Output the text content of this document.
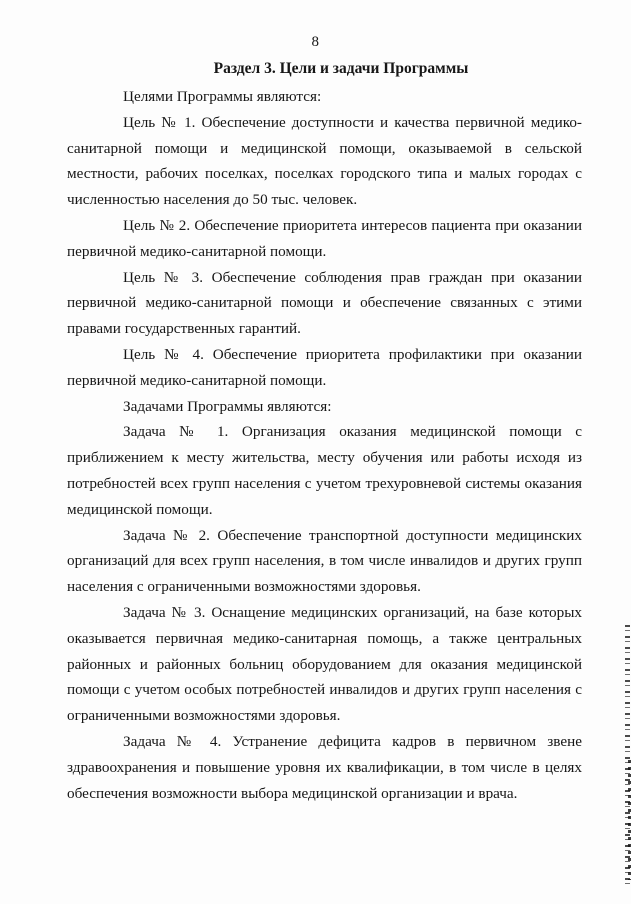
8
Раздел 3. Цели и задачи Программы

Целями Программы являются:

Цель № 1. Обеспечение доступности и качества первичной медико-санитарной помощи и медицинской помощи, оказываемой в сельской местности, рабочих поселках, поселках городского типа и малых городах с численностью населения до 50 тыс. человек.

Цель № 2. Обеспечение приоритета интересов пациента при оказании первичной медико-санитарной помощи.

Цель № 3. Обеспечение соблюдения прав граждан при оказании первичной медико-санитарной помощи и обеспечение связанных с этими правами государственных гарантий.

Цель № 4. Обеспечение приоритета профилактики при оказании первичной медико-санитарной помощи.

Задачами Программы являются:

Задача № 1. Организация оказания медицинской помощи с приближением к месту жительства, месту обучения или работы исходя из потребностей всех групп населения с учетом трехуровневой системы оказания медицинской помощи.

Задача № 2. Обеспечение транспортной доступности медицинских организаций для всех групп населения, в том числе инвалидов и других групп населения с ограниченными возможностями здоровья.

Задача № 3. Оснащение медицинских организаций, на базе которых оказывается первичная медико-санитарная помощь, а также центральных районных и районных больниц оборудованием для оказания медицинской помощи с учетом особых потребностей инвалидов и других групп населения с ограниченными возможностями здоровья.

Задача № 4. Устранение дефицита кадров в первичном звене здравоохранения и повышение уровня их квалификации, в том числе в целях обеспечения возможности выбора медицинской организации и врача.
